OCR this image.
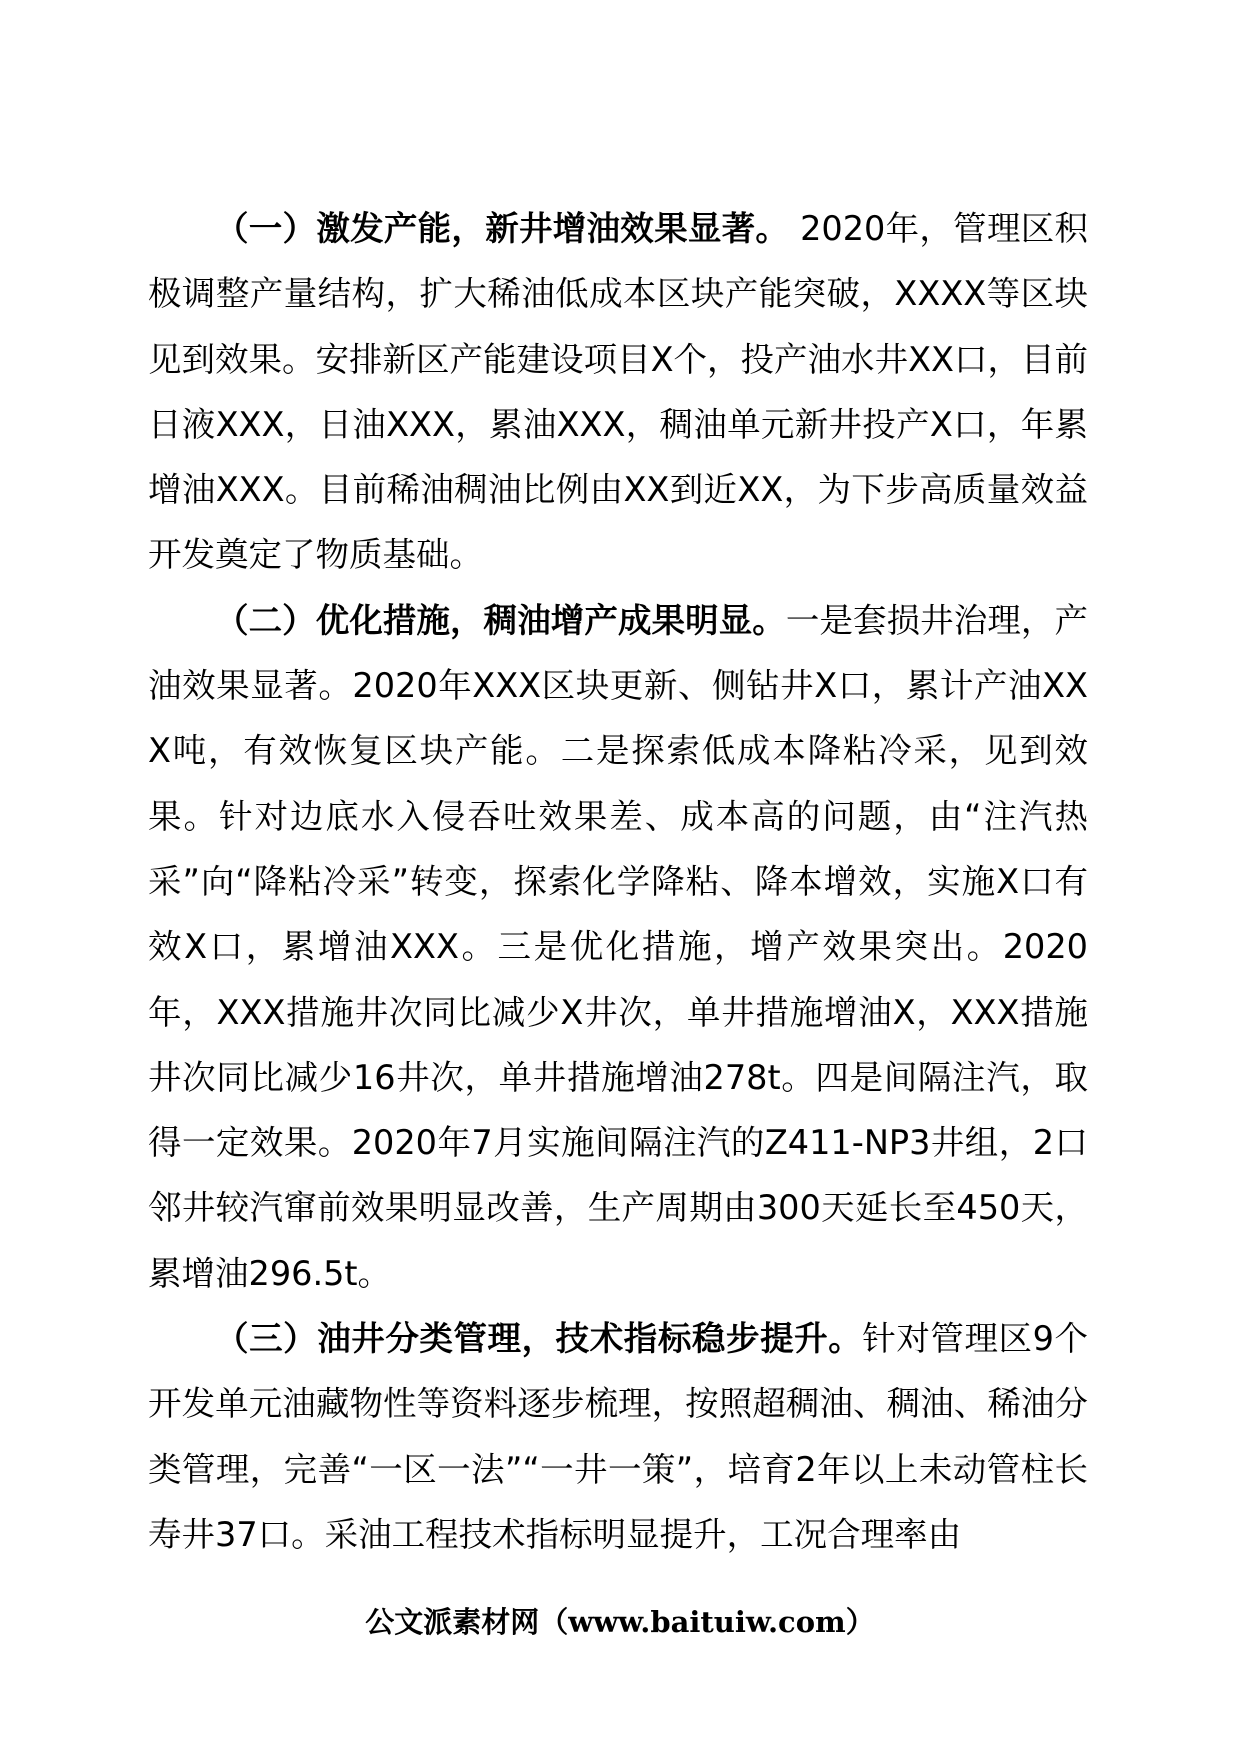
（一）激发产能，新井增油效果显著。 2020年，管理区积极调整产量结构，扩大稀油低成本区块产能突破，XXXX等区块见到效果。安排新区产能建设项目X个，投产油水井XX口，目前日液XXX，日油XXX，累油XXX，稠油单元新井投产X口，年累增油XXX。目前稀油稠油比例由XX到近XX，为下步高质量效益开发奠定了物质基础。

（二）优化措施，稠油增产成果明显。一是套损井治理，产油效果显著。2020年XXX区块更新、侧钻井X口，累计产油XXX吨，有效恢复区块产能。二是探索低成本降粘冷采，见到效果。针对边底水入侵吞吐效果差、成本高的问题，由“注汽热采”向“降粘冷采”转变，探索化学降粘、降本增效，实施X口有效X口，累增油XXX。三是优化措施，增产效果突出。2020年，XXX措施井次同比减少X井次，单井措施增油X，XXX措施井次同比减少16井次，单井措施增油278t。四是间隔注汽，取得一定效果。2020年7月实施间隔注汽的Z411-NP3井组，2口邻井较汽窜前效果明显改善，生产周期由300天延长至450天，累增油296.5t。

（三）油井分类管理，技术指标稳步提升。针对管理区9个开发单元油藏物性等资料逐步梳理，按照超稠油、稠油、稀油分类管理，完善“一区一法”“一井一策”，培育2年以上未动管柱长寿井37口。采油工程技术指标明显提升，工况合理率由

公文派素材网（www.baituiw.com）
